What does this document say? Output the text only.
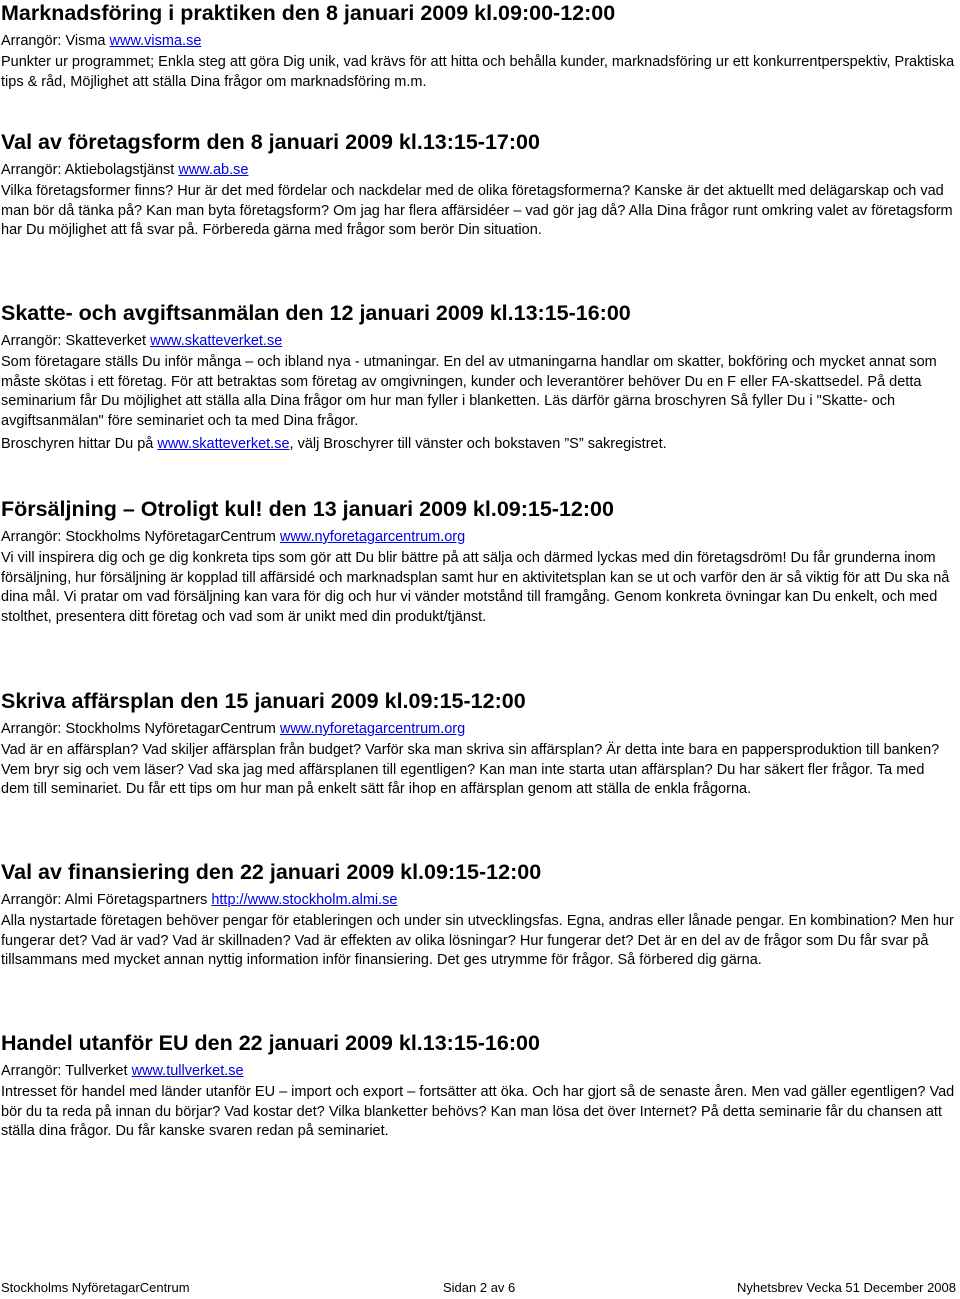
Marknadsföring i praktiken den 8 januari 2009 kl.09:00-12:00
Arrangör: Visma www.visma.se

Punkter ur programmet; Enkla steg att göra Dig unik, vad krävs för att hitta och behålla kunder, marknadsföring ur ett konkurrentperspektiv, Praktiska tips & råd, Möjlighet att ställa Dina frågor om marknadsföring m.m.

Val av företagsform den 8 januari 2009 kl.13:15-17:00
Arrangör: Aktiebolagstjänst www.ab.se

Vilka företagsformer finns? Hur är det med fördelar och nackdelar med de olika företagsformerna? Kanske är det aktuellt med delägarskap och vad man bör då tänka på? Kan man byta företagsform? Om jag har flera affärsidéer – vad gör jag då? Alla Dina frågor runt omkring valet av företagsform har Du möjlighet att få svar på. Förbereda gärna med frågor som berör Din situation.

Skatte- och avgiftsanmälan den 12 januari 2009 kl.13:15-16:00
Arrangör: Skatteverket www.skatteverket.se

Som företagare ställs Du inför många – och ibland nya - utmaningar. En del av utmaningarna handlar om skatter, bokföring och mycket annat som måste skötas i ett företag. För att betraktas som företag av omgivningen, kunder och leverantörer behöver Du en F eller FA-skattsedel. På detta seminarium får Du möjlighet att ställa alla Dina frågor om hur man fyller i blanketten. Läs därför gärna broschyren Så fyller Du i "Skatte- och avgiftsanmälan" före seminariet och ta med Dina frågor.

Broschyren hittar Du på www.skatteverket.se, välj Broschyrer till vänster och bokstaven ”S” sakregistret.

Försäljning – Otroligt kul! den 13 januari 2009 kl.09:15-12:00
Arrangör: Stockholms NyföretagarCentrum www.nyforetagarcentrum.org

Vi vill inspirera dig och ge dig konkreta tips som gör att Du blir bättre på att sälja och därmed lyckas med din företagsdröm! Du får grunderna inom försäljning, hur försäljning är kopplad till affärsidé och marknadsplan samt hur en aktivitetsplan kan se ut och varför den är så viktig för att Du ska nå dina mål. Vi pratar om vad försäljning kan vara för dig och hur vi vänder motstånd till framgång. Genom konkreta övningar kan Du enkelt, och med stolthet, presentera ditt företag och vad som är unikt med din produkt/tjänst.

Skriva affärsplan den 15 januari 2009 kl.09:15-12:00
Arrangör: Stockholms NyföretagarCentrum www.nyforetagarcentrum.org

Vad är en affärsplan? Vad skiljer affärsplan från budget? Varför ska man skriva sin affärsplan? Är detta inte bara en pappersproduktion till banken? Vem bryr sig och vem läser? Vad ska jag med affärsplanen till egentligen? Kan man inte starta utan affärsplan? Du har säkert fler frågor. Ta med dem till seminariet. Du får ett tips om hur man på enkelt sätt får ihop en affärsplan genom att ställa de enkla frågorna.

Val av finansiering den 22 januari 2009 kl.09:15-12:00
Arrangör: Almi Företagspartners http://www.stockholm.almi.se

Alla nystartade företagen behöver pengar för etableringen och under sin utvecklingsfas. Egna, andras eller lånade pengar. En kombination? Men hur fungerar det? Vad är vad? Vad är skillnaden? Vad är effekten av olika lösningar? Hur fungerar det? Det är en del av de frågor som Du får svar på tillsammans med mycket annan nyttig information inför finansiering. Det ges utrymme för frågor. Så förbered dig gärna.

Handel utanför EU den 22 januari 2009 kl.13:15-16:00
Arrangör: Tullverket www.tullverket.se

Intresset för handel med länder utanför EU – import och export – fortsätter att öka. Och har gjort så de senaste åren. Men vad gäller egentligen? Vad bör du ta reda på innan du börjar? Vad kostar det? Vilka blanketter behövs? Kan man lösa det över Internet? På detta seminarie får du chansen att ställa dina frågor. Du får kanske svaren redan på seminariet.

Stockholms NyföretagarCentrum	Sidan 2 av 6	Nyhetsbrev Vecka 51 December 2008
